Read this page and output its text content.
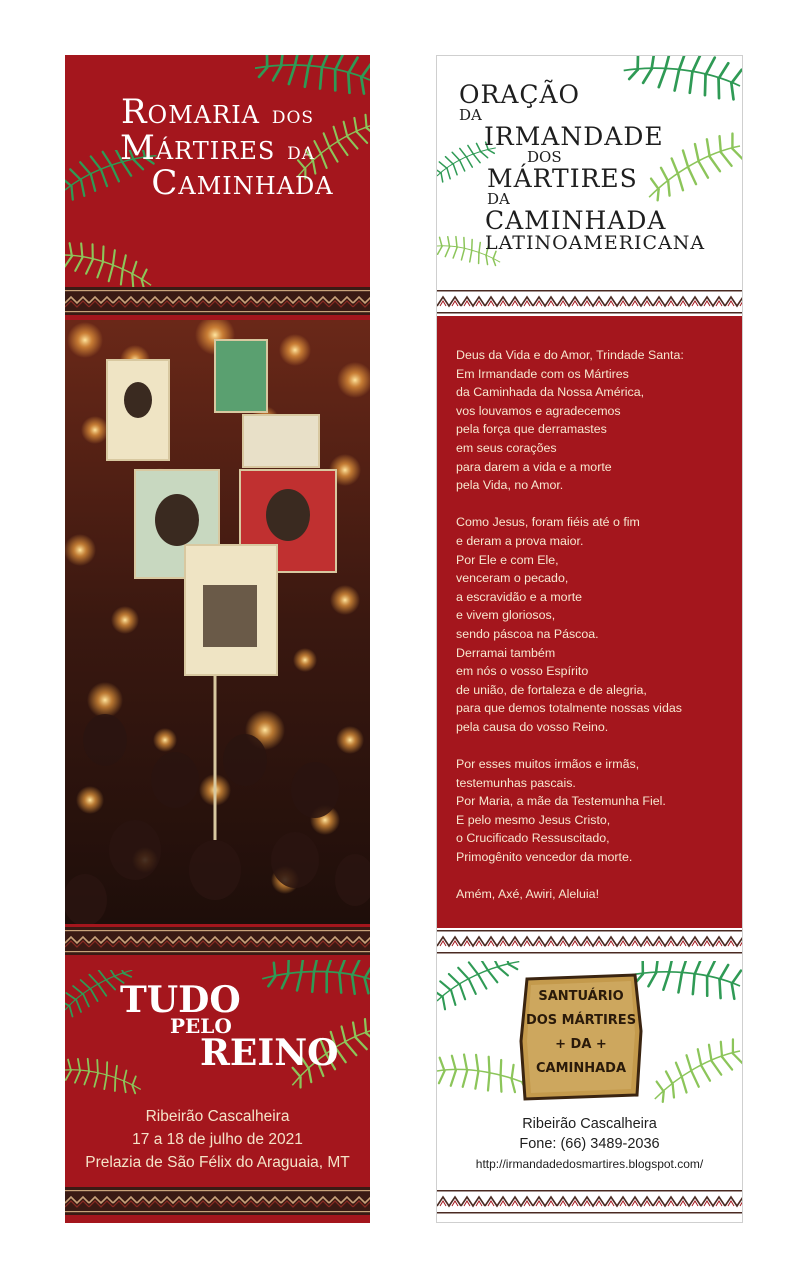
Romaria dos
Mártires da
Caminhada
TUDO
PELO
REINO
Ribeirão Cascalheira
17 a 18 de julho de 2021
Prelazia de São Félix do Araguaia, MT
ORAÇÃO
DA
IRMANDADE
DOS
MÁRTIRES
DA
CAMINHADA
LATINOAMERICANA

Deus da Vida e do Amor, Trindade Santa:
Em Irmandade com os Mártires
da Caminhada da Nossa América,
vos louvamos e agradecemos
pela força que derramastes
em seus corações
para darem a vida e a morte
pela Vida, no Amor.

Como Jesus, foram fiéis até o fim
e deram a prova maior.
Por Ele e com Ele,
venceram o pecado,
a escravidão e a morte
e vivem gloriosos,
sendo páscoa na Páscoa.
Derramai também
em nós o vosso Espírito
de união, de fortaleza e de alegria,
para que demos totalmente nossas vidas
pela causa do vosso Reino.

Por esses muitos irmãos e irmãs,
testemunhas pascais.
Por Maria, a mãe da Testemunha Fiel.
E pelo mesmo Jesus Cristo,
o Crucificado Ressuscitado,
Primogênito vencedor da morte.

Amém, Axé, Awiri, Aleluia!

SANTUÁRIO
DOS MÁRTIRES
+ DA +
CAMINHADA
Ribeirão Cascalheira
Fone: (66) 3489-2036
http://irmandadedosmartires.blogspot.com/
